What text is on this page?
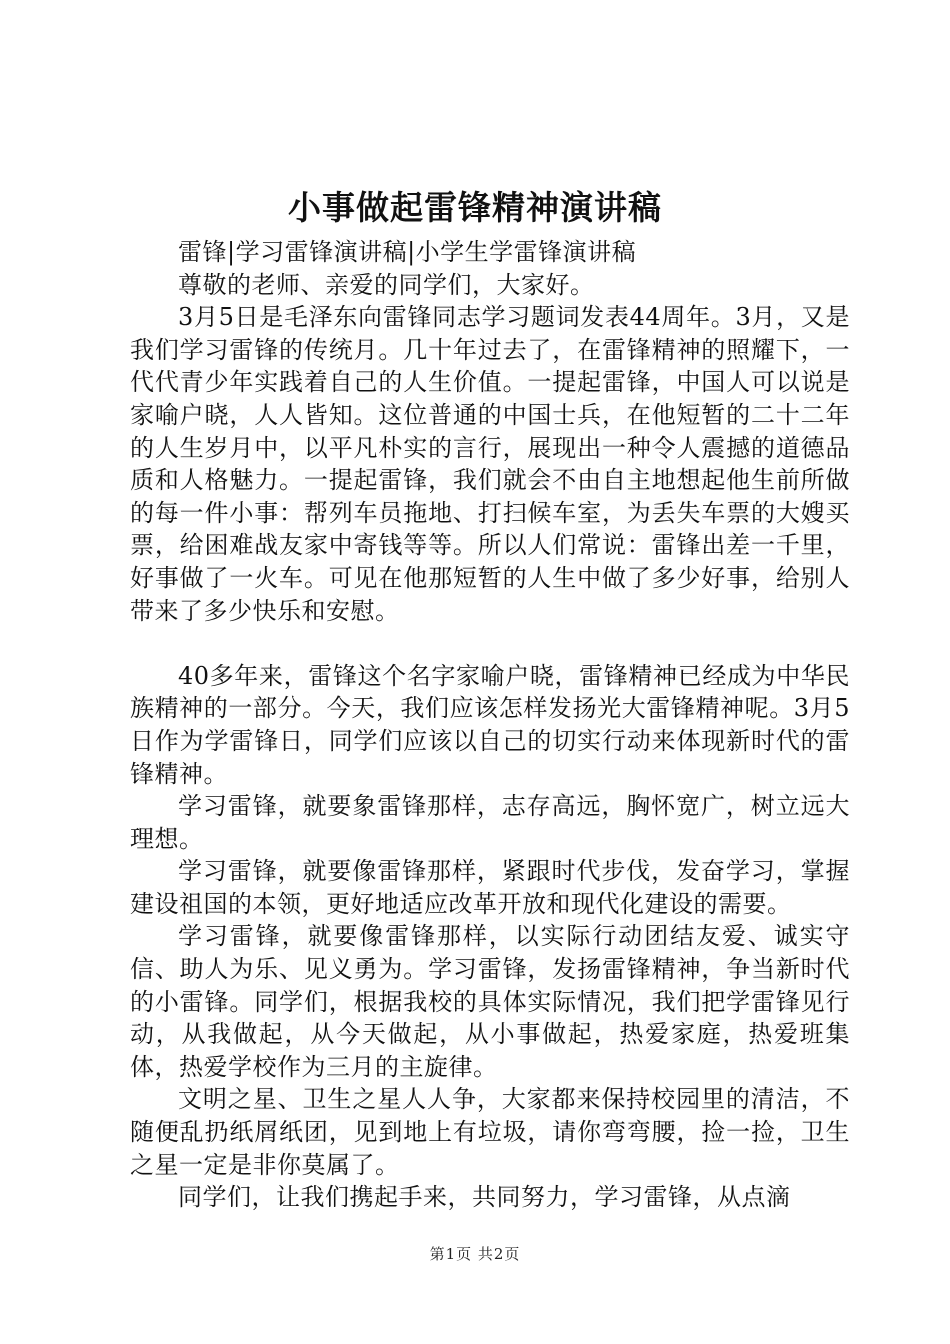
小事做起雷锋精神演讲稿

雷锋|学习雷锋演讲稿|小学生学雷锋演讲稿

尊敬的老师、亲爱的同学们，大家好。

3月5日是毛泽东向雷锋同志学习题词发表44周年。3月，又是我们学习雷锋的传统月。几十年过去了，在雷锋精神的照耀下，一代代青少年实践着自己的人生价值。一提起雷锋，中国人可以说是家喻户晓，人人皆知。这位普通的中国士兵，在他短暂的二十二年的人生岁月中，以平凡朴实的言行，展现出一种令人震撼的道德品质和人格魅力。一提起雷锋，我们就会不由自主地想起他生前所做的每一件小事：帮列车员拖地、打扫候车室，为丢失车票的大嫂买票，给困难战友家中寄钱等等。所以人们常说：雷锋出差一千里，好事做了一火车。可见在他那短暂的人生中做了多少好事，给别人带来了多少快乐和安慰。

40多年来，雷锋这个名字家喻户晓，雷锋精神已经成为中华民族精神的一部分。今天，我们应该怎样发扬光大雷锋精神呢。3月5日作为学雷锋日，同学们应该以自己的切实行动来体现新时代的雷锋精神。

学习雷锋，就要象雷锋那样，志存高远，胸怀宽广，树立远大理想。

学习雷锋，就要像雷锋那样，紧跟时代步伐，发奋学习，掌握建设祖国的本领，更好地适应改革开放和现代化建设的需要。

学习雷锋，就要像雷锋那样，以实际行动团结友爱、诚实守信、助人为乐、见义勇为。学习雷锋，发扬雷锋精神，争当新时代的小雷锋。同学们，根据我校的具体实际情况，我们把学雷锋见行动，从我做起，从今天做起，从小事做起，热爱家庭，热爱班集体，热爱学校作为三月的主旋律。

文明之星、卫生之星人人争，大家都来保持校园里的清洁，不随便乱扔纸屑纸团，见到地上有垃圾，请你弯弯腰，捡一捡，卫生之星一定是非你莫属了。

同学们，让我们携起手来，共同努力，学习雷锋，从点滴

第1页 共2页
